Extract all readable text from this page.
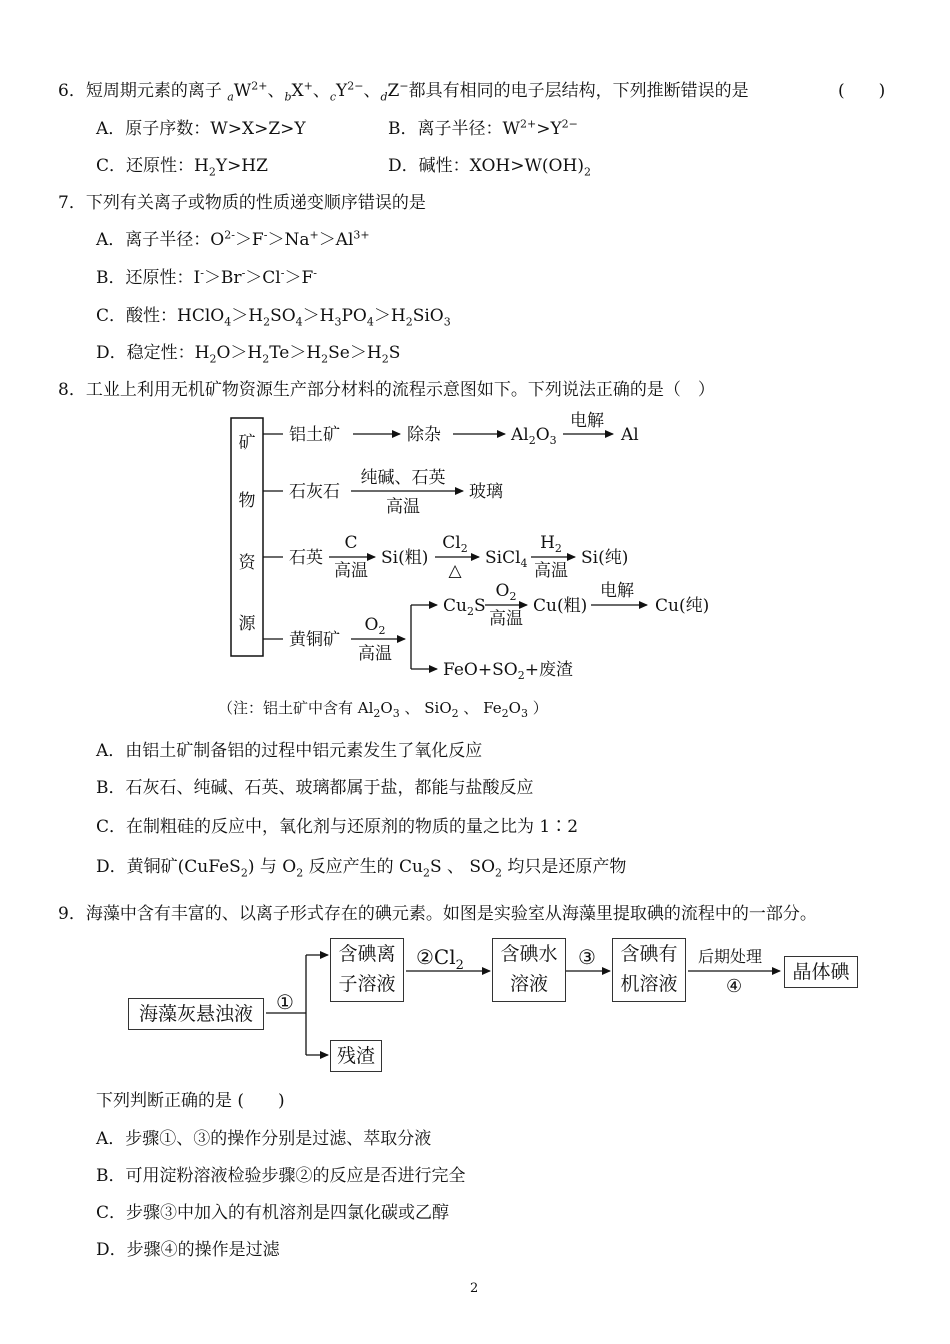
6．短周期元素的离子 $_aW^{2+}$、$_b$X+、$_cY^{2-}$、$_d$Z−都具有相同的电子层结构，下列推断错误的是	(　　)
A．原子序数：W>X>Z>Y	B．离子半径：$W^{2+}>Y^{2-}$
C．还原性：$H_2Y>HZ$	D．碱性：$XOH>W(OH)_2$
7．下列有关离子或物质的性质递变顺序错误的是
A．离子半径：$O^{2-}>F^->Na^+>Al^{3+}$
B．还原性：I-＞Br-＞Cl-＞F-
C．酸性：$HClO_4>H_2SO_4>H_3PO_4>H_2SiO_3$
D．稳定性：$H_2O>H_2Te>H_2Se>H_2S$
8．工业上利用无机矿物资源生产部分材料的流程示意图如下。下列说法正确的是（　）
矿
物
资
源
铝土矿	除杂	$Al_2O_3$
电解
Al
石灰石
纯碱、石英
高温
玻璃
石英
C
高温
Si(粗)
$Cl_2$
△
SiCl$_4$
$H_2$
高温
Si(纯)
黄铜矿
$O_2$
高温
$Cu_2S$
$O_2$
高温
Cu(粗)
电解
Cu(纯)
$FeO+SO_2+$废渣
（注：铝土矿中含有 $Al_2O_3$ 、 SiO$_2$ 、 $Fe_2O_3$ ）
A．由铝土矿制备铝的过程中铝元素发生了氧化反应
B．石灰石、纯碱、石英、玻璃都属于盐，都能与盐酸反应
C．在制粗硅的反应中，氧化剂与还原剂的物质的量之比为 1∶2
D．黄铜矿(CuFeS$_2$) 与 $O_2$ 反应产生的 $Cu_2S$ 、 $SO_2$ 均只是还原产物
9．海藻中含有丰富的、以离子形式存在的碘元素。如图是实验室从海藻里提取碘的流程中的一部分。
海藻灰悬浊液	①
含碘离子溶液
$②Cl_2$
含碘水溶液
③	含碘有机溶液
后期处理
④
晶体碘
残渣
下列判断正确的是 (　　)
A．步骤①、③的操作分别是过滤、萃取分液
B．可用淀粉溶液检验步骤②的反应是否进行完全
C．步骤③中加入的有机溶剂是四氯化碳或乙醇
D．步骤④的操作是过滤
2
